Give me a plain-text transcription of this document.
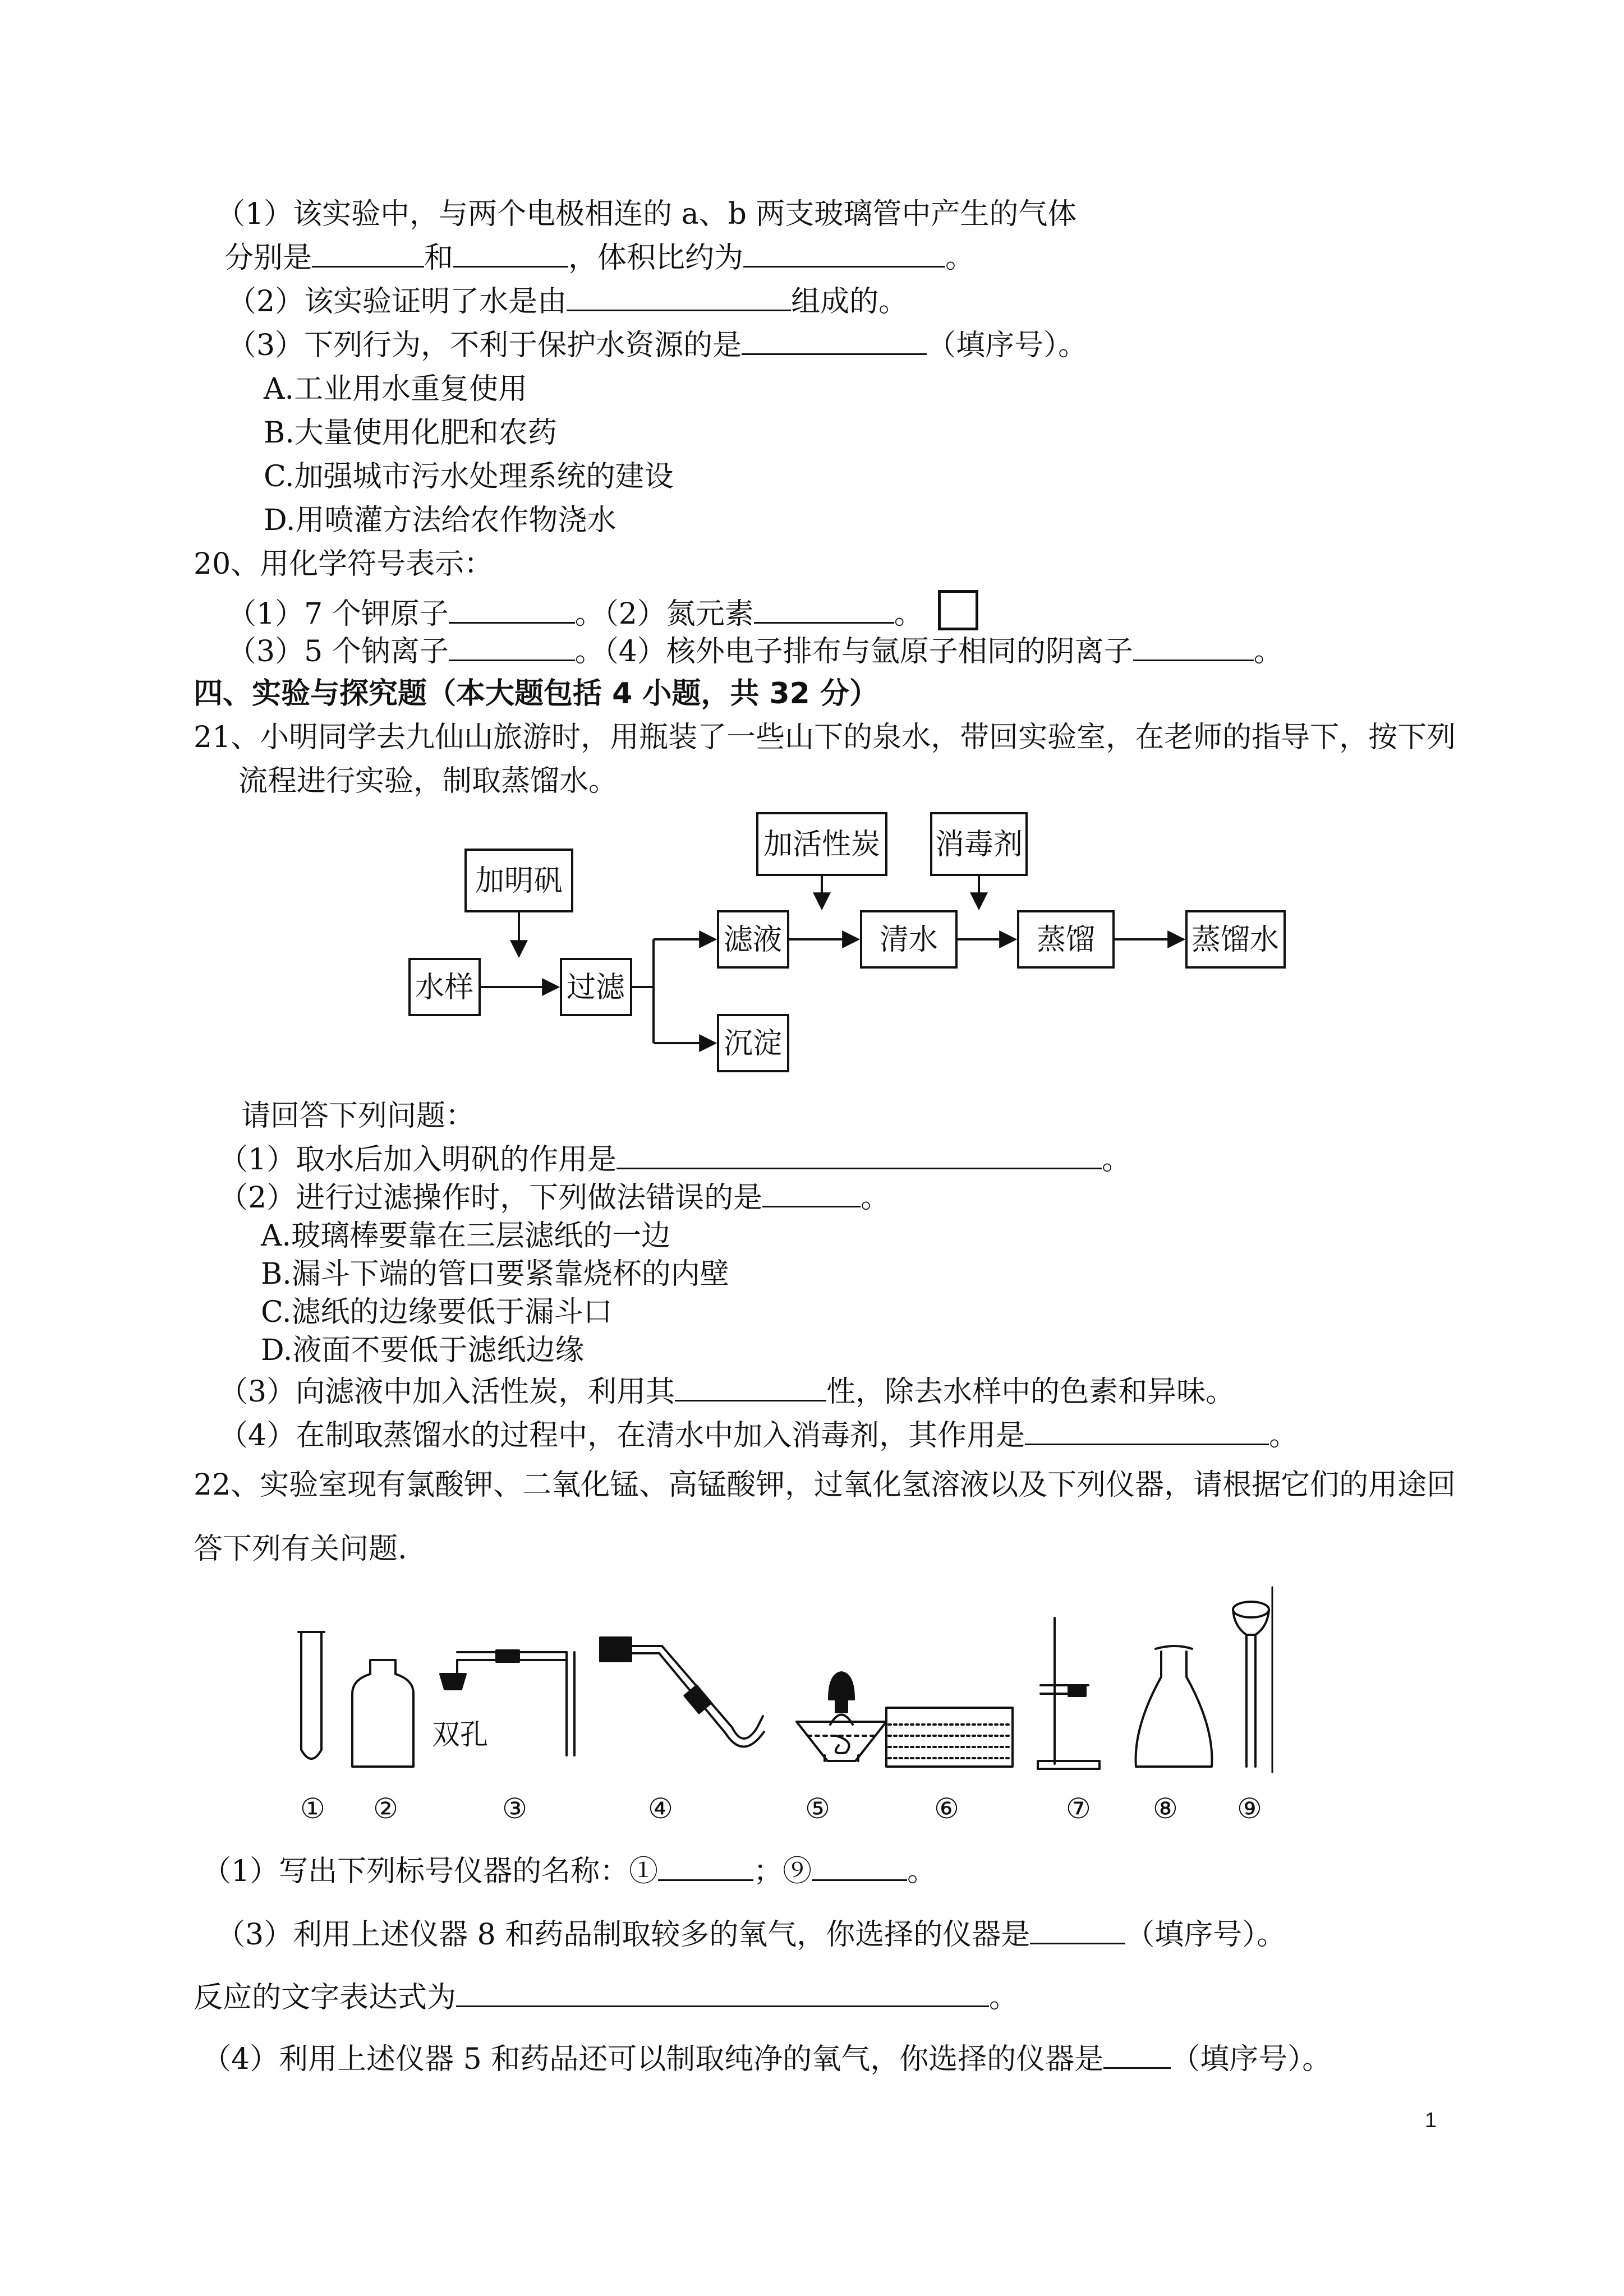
（1）该实验中，与两个电极相连的 a、b 两支玻璃管中产生的气体
分别是	和	，体积比约为	。
（2）该实验证明了水是由	组成的。
（3）下列行为，不利于保护水资源的是	（填序号）。
A.工业用水重复使用
B.大量使用化肥和农药
C.加强城市污水处理系统的建设
D.用喷灌方法给农作物浇水
20、用化学符号表示：
（1）7 个钾原子	。（2）氮元素	。
（3）5 个钠离子	。（4）核外电子排布与氩原子相同的阴离子	。
四、实验与探究题（本大题包括 4 小题，共 32 分）
21、小明同学去九仙山旅游时，用瓶装了一些山下的泉水，带回实验室，在老师的指导下，按下列
流程进行实验，制取蒸馏水。
加明矾
水样	过滤
滤液
沉淀
加活性炭
清水
消毒剂
蒸馏	蒸馏水
请回答下列问题：
（1）取水后加入明矾的作用是	。
（2）进行过滤操作时，下列做法错误的是	。
A.玻璃棒要靠在三层滤纸的一边
B.漏斗下端的管口要紧靠烧杯的内壁
C.滤纸的边缘要低于漏斗口
D.液面不要低于滤纸边缘
（3）向滤液中加入活性炭，利用其	性，除去水样中的色素和异味。
（4）在制取蒸馏水的过程中，在清水中加入消毒剂，其作用是	。
22、实验室现有氯酸钾、二氧化锰、高锰酸钾，过氧化氢溶液以及下列仪器，请根据它们的用途回
答下列有关问题.
双孔
① ②	③	④	⑤	⑥	⑦ ⑧ ⑨
（1）写出下列标号仪器的名称：①	；⑨	。
（3）利用上述仪器 8 和药品制取较多的氧气，你选择的仪器是	（填序号）。
反应的文字表达式为	。
（4）利用上述仪器 5 和药品还可以制取纯净的氧气，你选择的仪器是 （填序号）。
1
